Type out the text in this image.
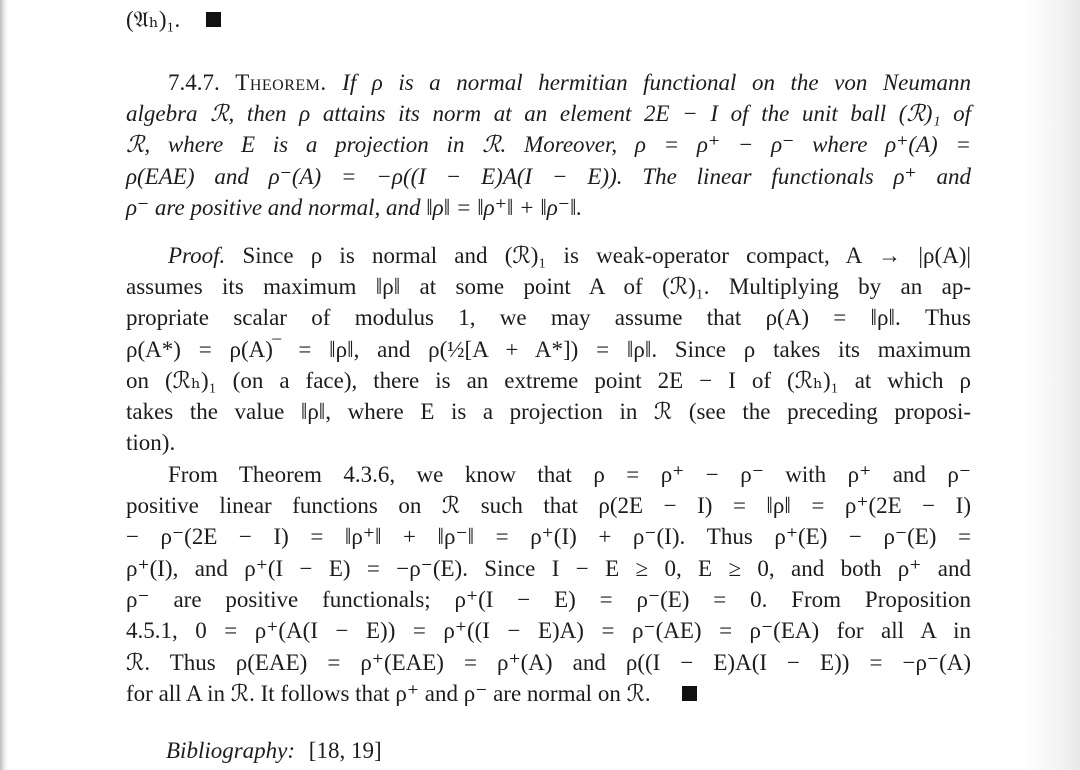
(𝔄ₕ)₁.
7.4.7. Theorem. If ρ is a normal hermitian functional on the von Neumann
algebra ℛ, then ρ attains its norm at an element 2E − I of the unit ball (ℛ)₁ of
ℛ, where E is a projection in ℛ. Moreover, ρ = ρ⁺ − ρ⁻ where ρ⁺(A) =
ρ(EAE) and ρ⁻(A) = −ρ((I − E)A(I − E)). The linear functionals ρ⁺ and
ρ⁻ are positive and normal, and ‖ρ‖ = ‖ρ⁺‖ + ‖ρ⁻‖.
Proof. Since ρ is normal and (ℛ)₁ is weak-operator compact, A → |ρ(A)|
assumes its maximum ‖ρ‖ at some point A of (ℛ)₁. Multiplying by an ap-
propriate scalar of modulus 1, we may assume that ρ(A) = ‖ρ‖. Thus
ρ(A*) = ρ(A)‾ = ‖ρ‖, and ρ(½[A + A*]) = ‖ρ‖. Since ρ takes its maximum
on (ℛₕ)₁ (on a face), there is an extreme point 2E − I of (ℛₕ)₁ at which ρ
takes the value ‖ρ‖, where E is a projection in ℛ (see the preceding proposi-
tion).
From Theorem 4.3.6, we know that ρ = ρ⁺ − ρ⁻ with ρ⁺ and ρ⁻
positive linear functions on ℛ such that ρ(2E − I) = ‖ρ‖ = ρ⁺(2E − I)
− ρ⁻(2E − I) = ‖ρ⁺‖ + ‖ρ⁻‖ = ρ⁺(I) + ρ⁻(I). Thus ρ⁺(E) − ρ⁻(E) =
ρ⁺(I), and ρ⁺(I − E) = −ρ⁻(E). Since I − E ≥ 0, E ≥ 0, and both ρ⁺ and
ρ⁻ are positive functionals; ρ⁺(I − E) = ρ⁻(E) = 0. From Proposition
4.5.1, 0 = ρ⁺(A(I − E)) = ρ⁺((I − E)A) = ρ⁻(AE) = ρ⁻(EA) for all A in
ℛ. Thus ρ(EAE) = ρ⁺(EAE) = ρ⁺(A) and ρ((I − E)A(I − E)) = −ρ⁻(A)
for all A in ℛ. It follows that ρ⁺ and ρ⁻ are normal on ℛ.
Bibliography: [18, 19]
